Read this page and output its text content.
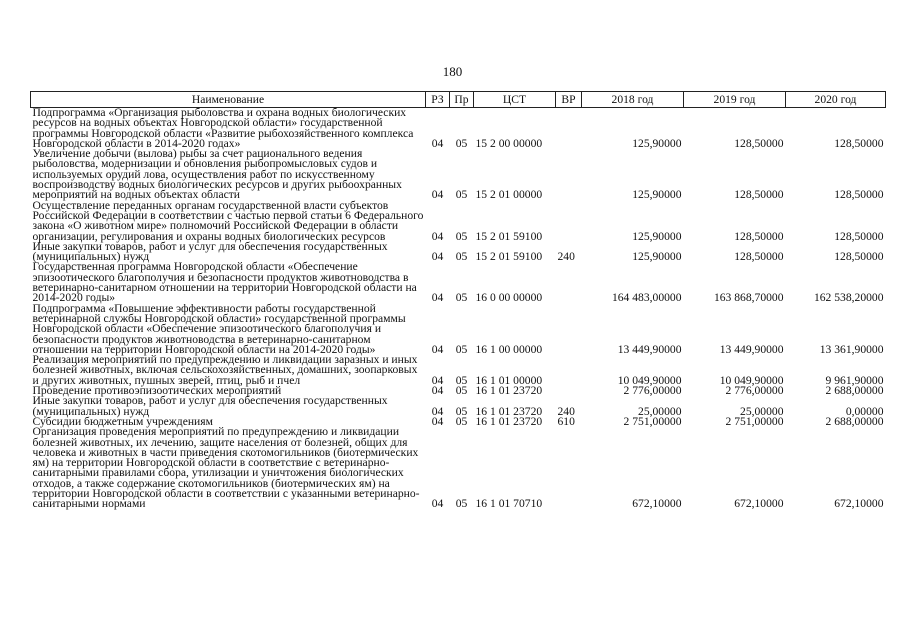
180
Наименование	РЗ	Пр	ЦСТ	ВР	2018 год	2019 год	2020 год
Подпрограмма «Организация рыболовства и охрана водных биологических ресурсов на водных объектах Новгородской области» государственной программы Новгородской области «Развитие рыбохозяйственного комплекса Новгородской области в 2014-2020 годах»	04	05	15 2 00 00000		125,90000	128,50000	128,50000
Увеличение добычи (вылова) рыбы за счет рационального ведения рыболовства, модернизации и обновления рыбопромысловых судов и используемых орудий лова, осуществления работ по искусственному воспроизводству водных биологических ресурсов и других рыбоохранных мероприятий на водных объектах области	04	05	15 2 01 00000		125,90000	128,50000	128,50000
Осуществление переданных органам государственной власти субъектов Российской Федерации в соответствии с частью первой статьи 6 Федерального закона «О животном мире» полномочий Российской Федерации в области организации, регулирования и охраны водных биологических ресурсов	04	05	15 2 01 59100		125,90000	128,50000	128,50000
Иные закупки товаров, работ и услуг для обеспечения государственных (муниципальных) нужд	04	05	15 2 01 59100	240	125,90000	128,50000	128,50000
Государственная программа Новгородской области «Обеспечение эпизоотического благополучия и безопасности продуктов животноводства в ветеринарно-санитарном отношении на территории Новгородской области на 2014-2020 годы»	04	05	16 0 00 00000		164 483,00000	163 868,70000	162 538,20000
Подпрограмма «Повышение эффективности работы государственной ветеринарной службы Новгородской области» государственной программы Новгородской области «Обеспечение эпизоотического благополучия и безопасности продуктов животноводства в ветеринарно-санитарном отношении на территории Новгородской области на 2014-2020 годы»	04	05	16 1 00 00000		13 449,90000	13 449,90000	13 361,90000
Реализация мероприятий по предупреждению и ликвидации заразных и иных болезней животных, включая сельскохозяйственных, домашних, зоопарковых и других животных, пушных зверей, птиц, рыб и пчел	04	05	16 1 01 00000		10 049,90000	10 049,90000	9 961,90000
Проведение противоэпизоотических мероприятий	04	05	16 1 01 23720		2 776,00000	2 776,00000	2 688,00000
Иные закупки товаров, работ и услуг для обеспечения государственных (муниципальных) нужд	04	05	16 1 01 23720	240	25,00000	25,00000	0,00000
Субсидии бюджетным учреждениям	04	05	16 1 01 23720	610	2 751,00000	2 751,00000	2 688,00000
Организация проведения мероприятий по предупреждению и ликвидации болезней животных, их лечению, защите населения от болезней, общих для человека и животных в части приведения скотомогильников (биотермических ям) на территории Новгородской области в соответствие с ветеринарно-санитарными правилами сбора, утилизации и уничтожения биологических отходов, а также содержание скотомогильников (биотермических ям) на территории Новгородской области в соответствии с указанными ветеринарно-санитарными нормами	04	05	16 1 01 70710		672,10000	672,10000	672,10000
